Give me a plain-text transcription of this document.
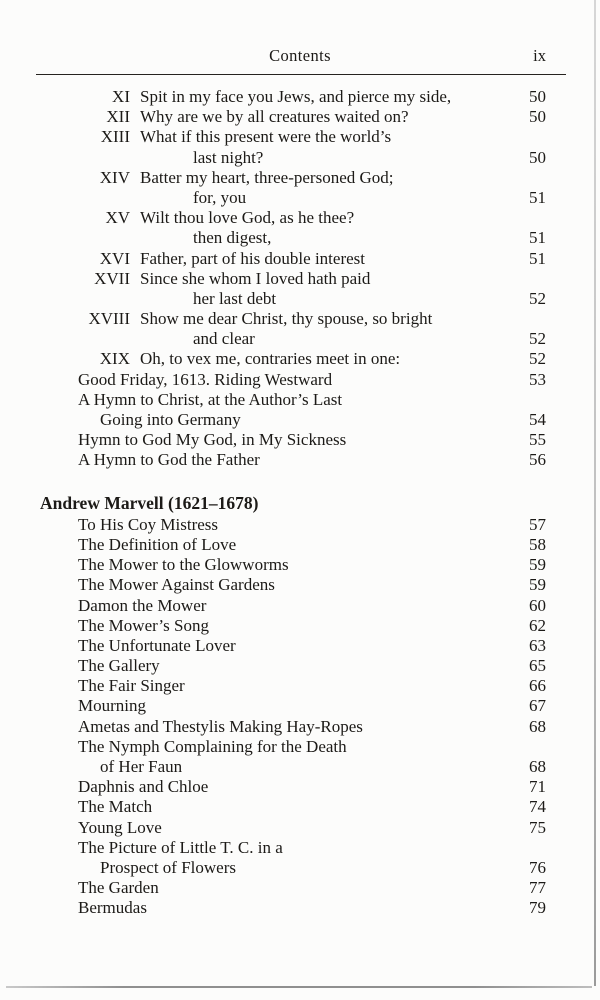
Contents	ix
XI Spit in my face you Jews, and pierce my side,	50
XII Why are we by all creatures waited on?	50
XIII What if this present were the world’s
last night?	50
XIV Batter my heart, three-personed God;
for, you	51
XV Wilt thou love God, as he thee?
then digest,	51
XVI Father, part of his double interest	51
XVII Since she whom I loved hath paid
her last debt	52
XVIII Show me dear Christ, thy spouse, so bright
and clear	52
XIX Oh, to vex me, contraries meet in one:	52
Good Friday, 1613. Riding Westward	53
A Hymn to Christ, at the Author’s Last
Going into Germany	54
Hymn to God My God, in My Sickness	55
A Hymn to God the Father	56
Andrew Marvell (1621–1678)
To His Coy Mistress	57
The Definition of Love	58
The Mower to the Glowworms	59
The Mower Against Gardens	59
Damon the Mower	60
The Mower’s Song	62
The Unfortunate Lover	63
The Gallery	65
The Fair Singer	66
Mourning	67
Ametas and Thestylis Making Hay-Ropes	68
The Nymph Complaining for the Death
of Her Faun	68
Daphnis and Chloe	71
The Match	74
Young Love	75
The Picture of Little T. C. in a
Prospect of Flowers	76
The Garden	77
Bermudas	79
